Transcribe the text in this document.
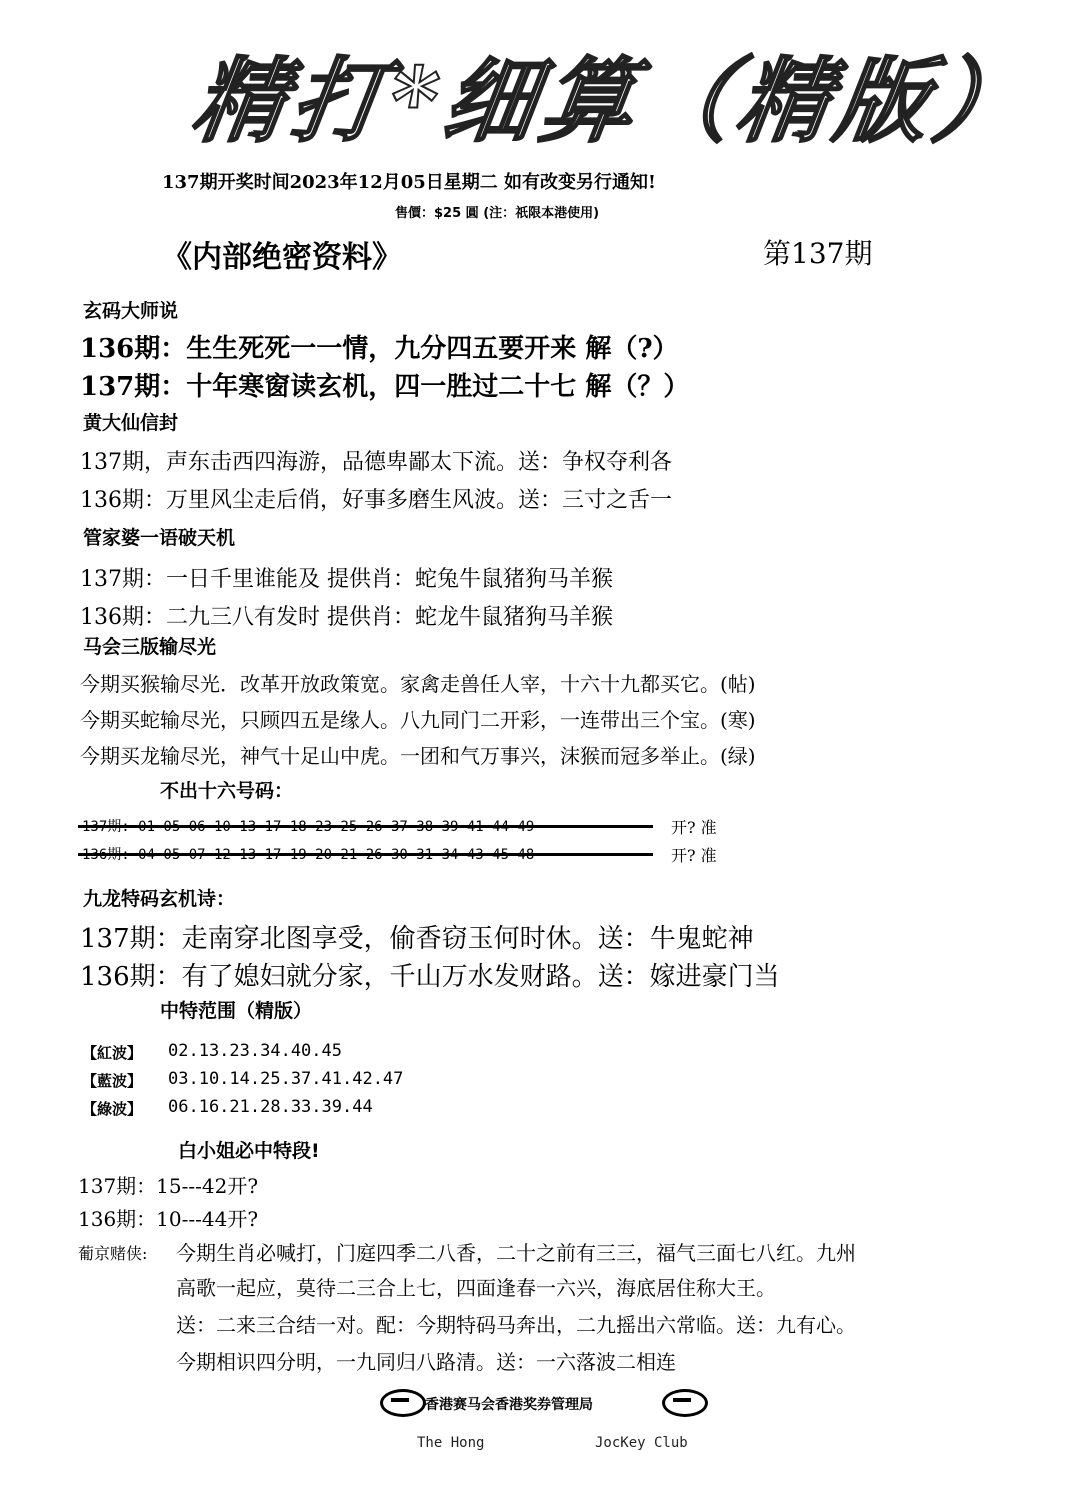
精打*细算（精版）
137期开奖时间2023年12月05日星期二 如有改变另行通知!
售價：$25 圓 (注：祇限本港使用)
《内部绝密资料》	第137期
玄码大师说
136期：生生死死一一情，九分四五要开来 解（?）
137期：十年寒窗读玄机，四一胜过二十七 解（？）
黄大仙信封
137期，声东击西四海游，品德卑鄙太下流。送：争权夺利各
136期：万里风尘走后俏，好事多磨生风波。送：三寸之舌一
管家婆一语破天机
137期：一日千里谁能及 提供肖：蛇兔牛鼠猪狗马羊猴
136期：二九三八有发时 提供肖：蛇龙牛鼠猪狗马羊猴
马会三版输尽光
今期买猴输尽光．改革开放政策宽。家禽走兽任人宰，十六十九都买它。(帖)
今期买蛇输尽光，只顾四五是缘人。八九同门二开彩，一连带出三个宝。(寒)
今期买龙输尽光，神气十足山中虎。一团和气万事兴，沫猴而冠多举止。(绿)
不出十六号码：
开? 准
开? 准
九龙特码玄机诗：
137期：走南穿北图享受，偷香窃玉何时休。送：牛鬼蛇神
136期：有了媳妇就分家，千山万水发财路。送：嫁进豪门当
中特范围（精版）
【紅波】 02.13.23.34.40.45
【藍波】 03.10.14.25.37.41.42.47
【綠波】 06.16.21.28.33.39.44
白小姐必中特段!
137期：15---42开?
136期：10---44开?
葡京赌侠: 今期生肖必喊打，门庭四季二八香，二十之前有三三，福气三面七八红。九州
高歌一起应，莫待二三合上七，四面逢春一六兴，海底居住称大王。
送：二来三合结一对。配：今期特码马奔出，二九摇出六常临。送：九有心。
今期相识四分明，一九同归八路清。送：一六落波二相连
香港赛马会香港奖券管理局
The Hong	JocKey Club
